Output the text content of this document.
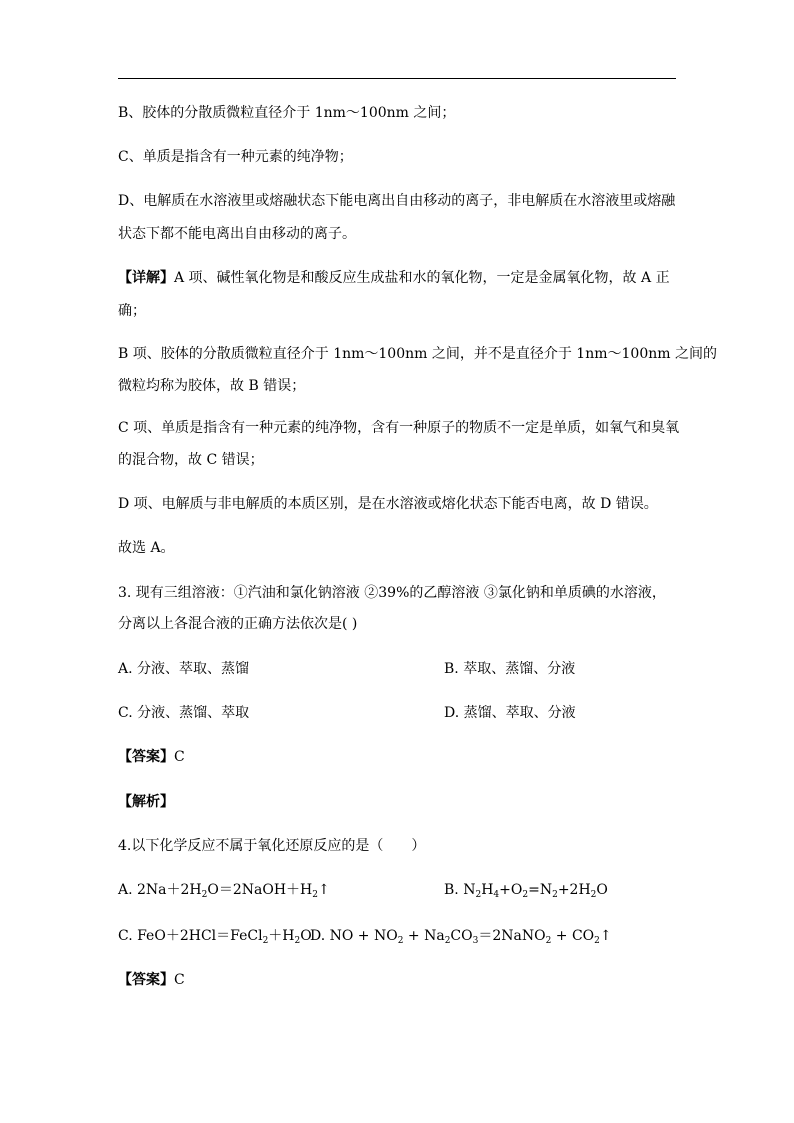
B、胶体的分散质微粒直径介于 1nm～100nm 之间；
C、单质是指含有一种元素的纯净物；
D、电解质在水溶液里或熔融状态下能电离出自由移动的离子，非电解质在水溶液里或熔融
状态下都不能电离出自由移动的离子。
【详解】A 项、碱性氧化物是和酸反应生成盐和水的氧化物，一定是金属氧化物，故 A 正
确；
B 项、胶体的分散质微粒直径介于 1nm～100nm 之间，并不是直径介于 1nm～100nm 之间的
微粒均称为胶体，故 B 错误；
C 项、单质是指含有一种元素的纯净物，含有一种原子的物质不一定是单质，如氧气和臭氧
的混合物，故 C 错误；
D 项、电解质与非电解质的本质区别，是在水溶液或熔化状态下能否电离，故 D 错误。
故选 A。
3. 现有三组溶液：①汽油和氯化钠溶液 ②39%的乙醇溶液 ③氯化钠和单质碘的水溶液，
分离以上各混合液的正确方法依次是( )
A. 分液、萃取、蒸馏	B. 萃取、蒸馏、分液
C. 分液、蒸馏、萃取	D. 蒸馏、萃取、分液
【答案】C
【解析】
4.以下化学反应不属于氧化还原反应的是（　　）
A. $2Na+2H_2O=2NaOH+H_2↑$	B. $N_2H_4+O_2=N_2+2H_2O$
C. $FeO+2HCl=FeCl_2+H_2O$
D. NO + $NO_2$ + $Na_2CO_3=2NaNO_2$ + $CO_2↑$
【答案】C
